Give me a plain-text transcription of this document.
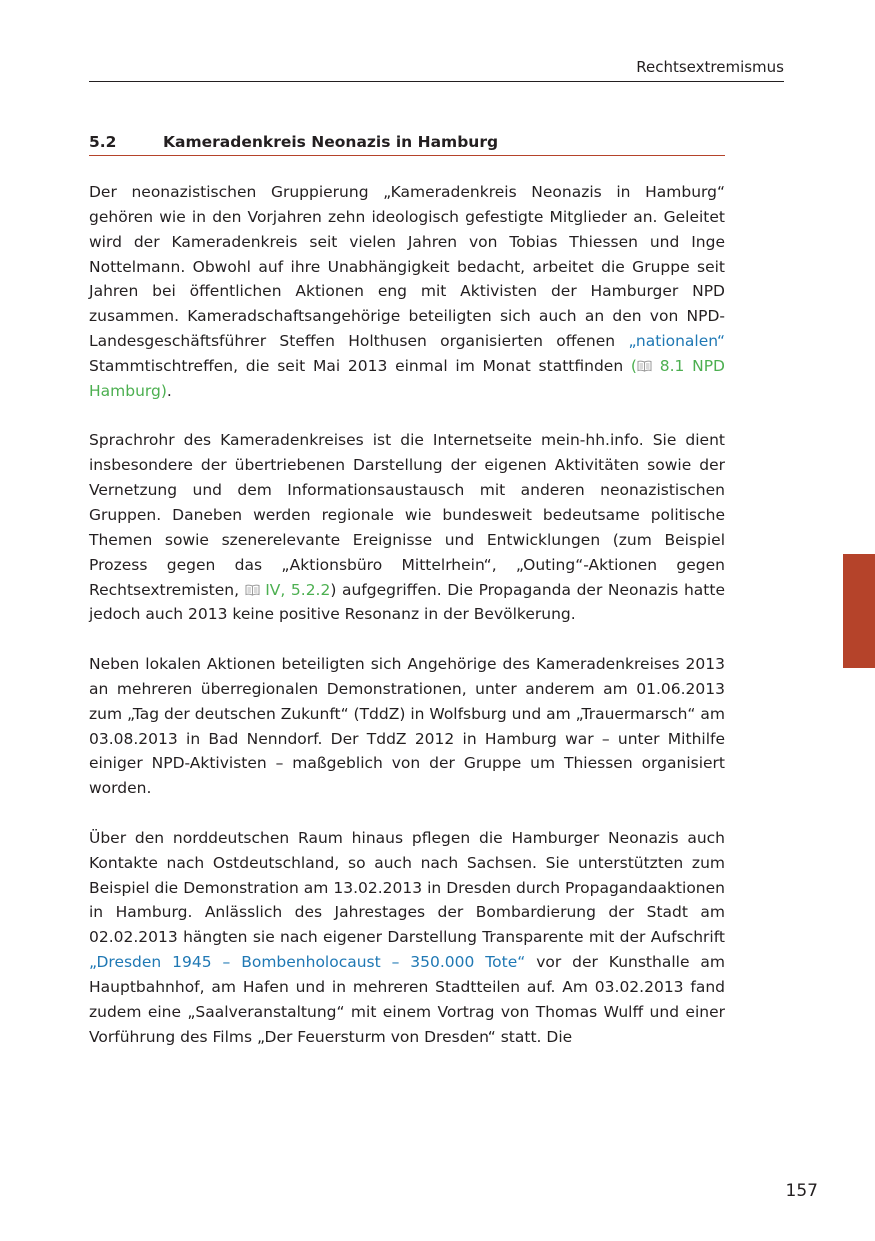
Rechtsextremismus
5.2	Kameradenkreis Neonazis in Hamburg

Der neonazistischen Gruppierung „Kameradenkreis Neonazis in Hamburg“ gehören wie in den Vorjahren zehn ideologisch gefestigte Mitglieder an. Geleitet wird der Kameradenkreis seit vielen Jahren von Tobias Thiessen und Inge Nottelmann. Obwohl auf ihre Unabhängigkeit bedacht, arbeitet die Gruppe seit Jahren bei öffentlichen Aktionen eng mit Aktivisten der Hamburger NPD zusammen. Kameradschaftsangehörige beteiligten sich auch an den von NPD-Landesgeschäftsführer Steffen Holthusen organisierten offenen „nationalen“ Stammtischtreffen, die seit Mai 2013 einmal im Monat stattfinden ( 8.1 NPD Hamburg).

Sprachrohr des Kameradenkreises ist die Internetseite mein-hh.info. Sie dient insbesondere der übertriebenen Darstellung der eigenen Aktivitäten sowie der Vernetzung und dem Informationsaustausch mit anderen neonazistischen Gruppen. Daneben werden regionale wie bundesweit bedeutsame politische Themen sowie szenerelevante Ereignisse und Entwicklungen (zum Beispiel Prozess gegen das „Aktionsbüro Mittelrhein“, „Outing“-Aktionen gegen Rechtsextremisten,  IV, 5.2.2) aufgegriffen. Die Propaganda der Neonazis hatte jedoch auch 2013 keine positive Resonanz in der Bevölkerung.

Neben lokalen Aktionen beteiligten sich Angehörige des Kameradenkreises 2013 an mehreren überregionalen Demonstrationen, unter anderem am 01.06.2013 zum „Tag der deutschen Zukunft“ (TddZ) in Wolfsburg und am „Trauermarsch“ am 03.08.2013 in Bad Nenndorf. Der TddZ 2012 in Hamburg war – unter Mithilfe einiger NPD-Aktivisten – maßgeblich von der Gruppe um Thiessen organisiert worden.

Über den norddeutschen Raum hinaus pflegen die Hamburger Neonazis auch Kontakte nach Ostdeutschland, so auch nach Sachsen. Sie unterstützten zum Beispiel die Demonstration am 13.02.2013 in Dresden durch Propagandaaktionen in Hamburg. Anlässlich des Jahrestages der Bombardierung der Stadt am 02.02.2013 hängten sie nach eigener Darstellung Transparente mit der Aufschrift „Dresden 1945 – Bombenholocaust – 350.000 Tote“ vor der Kunsthalle am Hauptbahnhof, am Hafen und in mehreren Stadtteilen auf. Am 03.02.2013 fand zudem eine „Saalveranstaltung“ mit einem Vortrag von Thomas Wulff und einer Vorführung des Films „Der Feuersturm von Dresden“ statt. Die

157
